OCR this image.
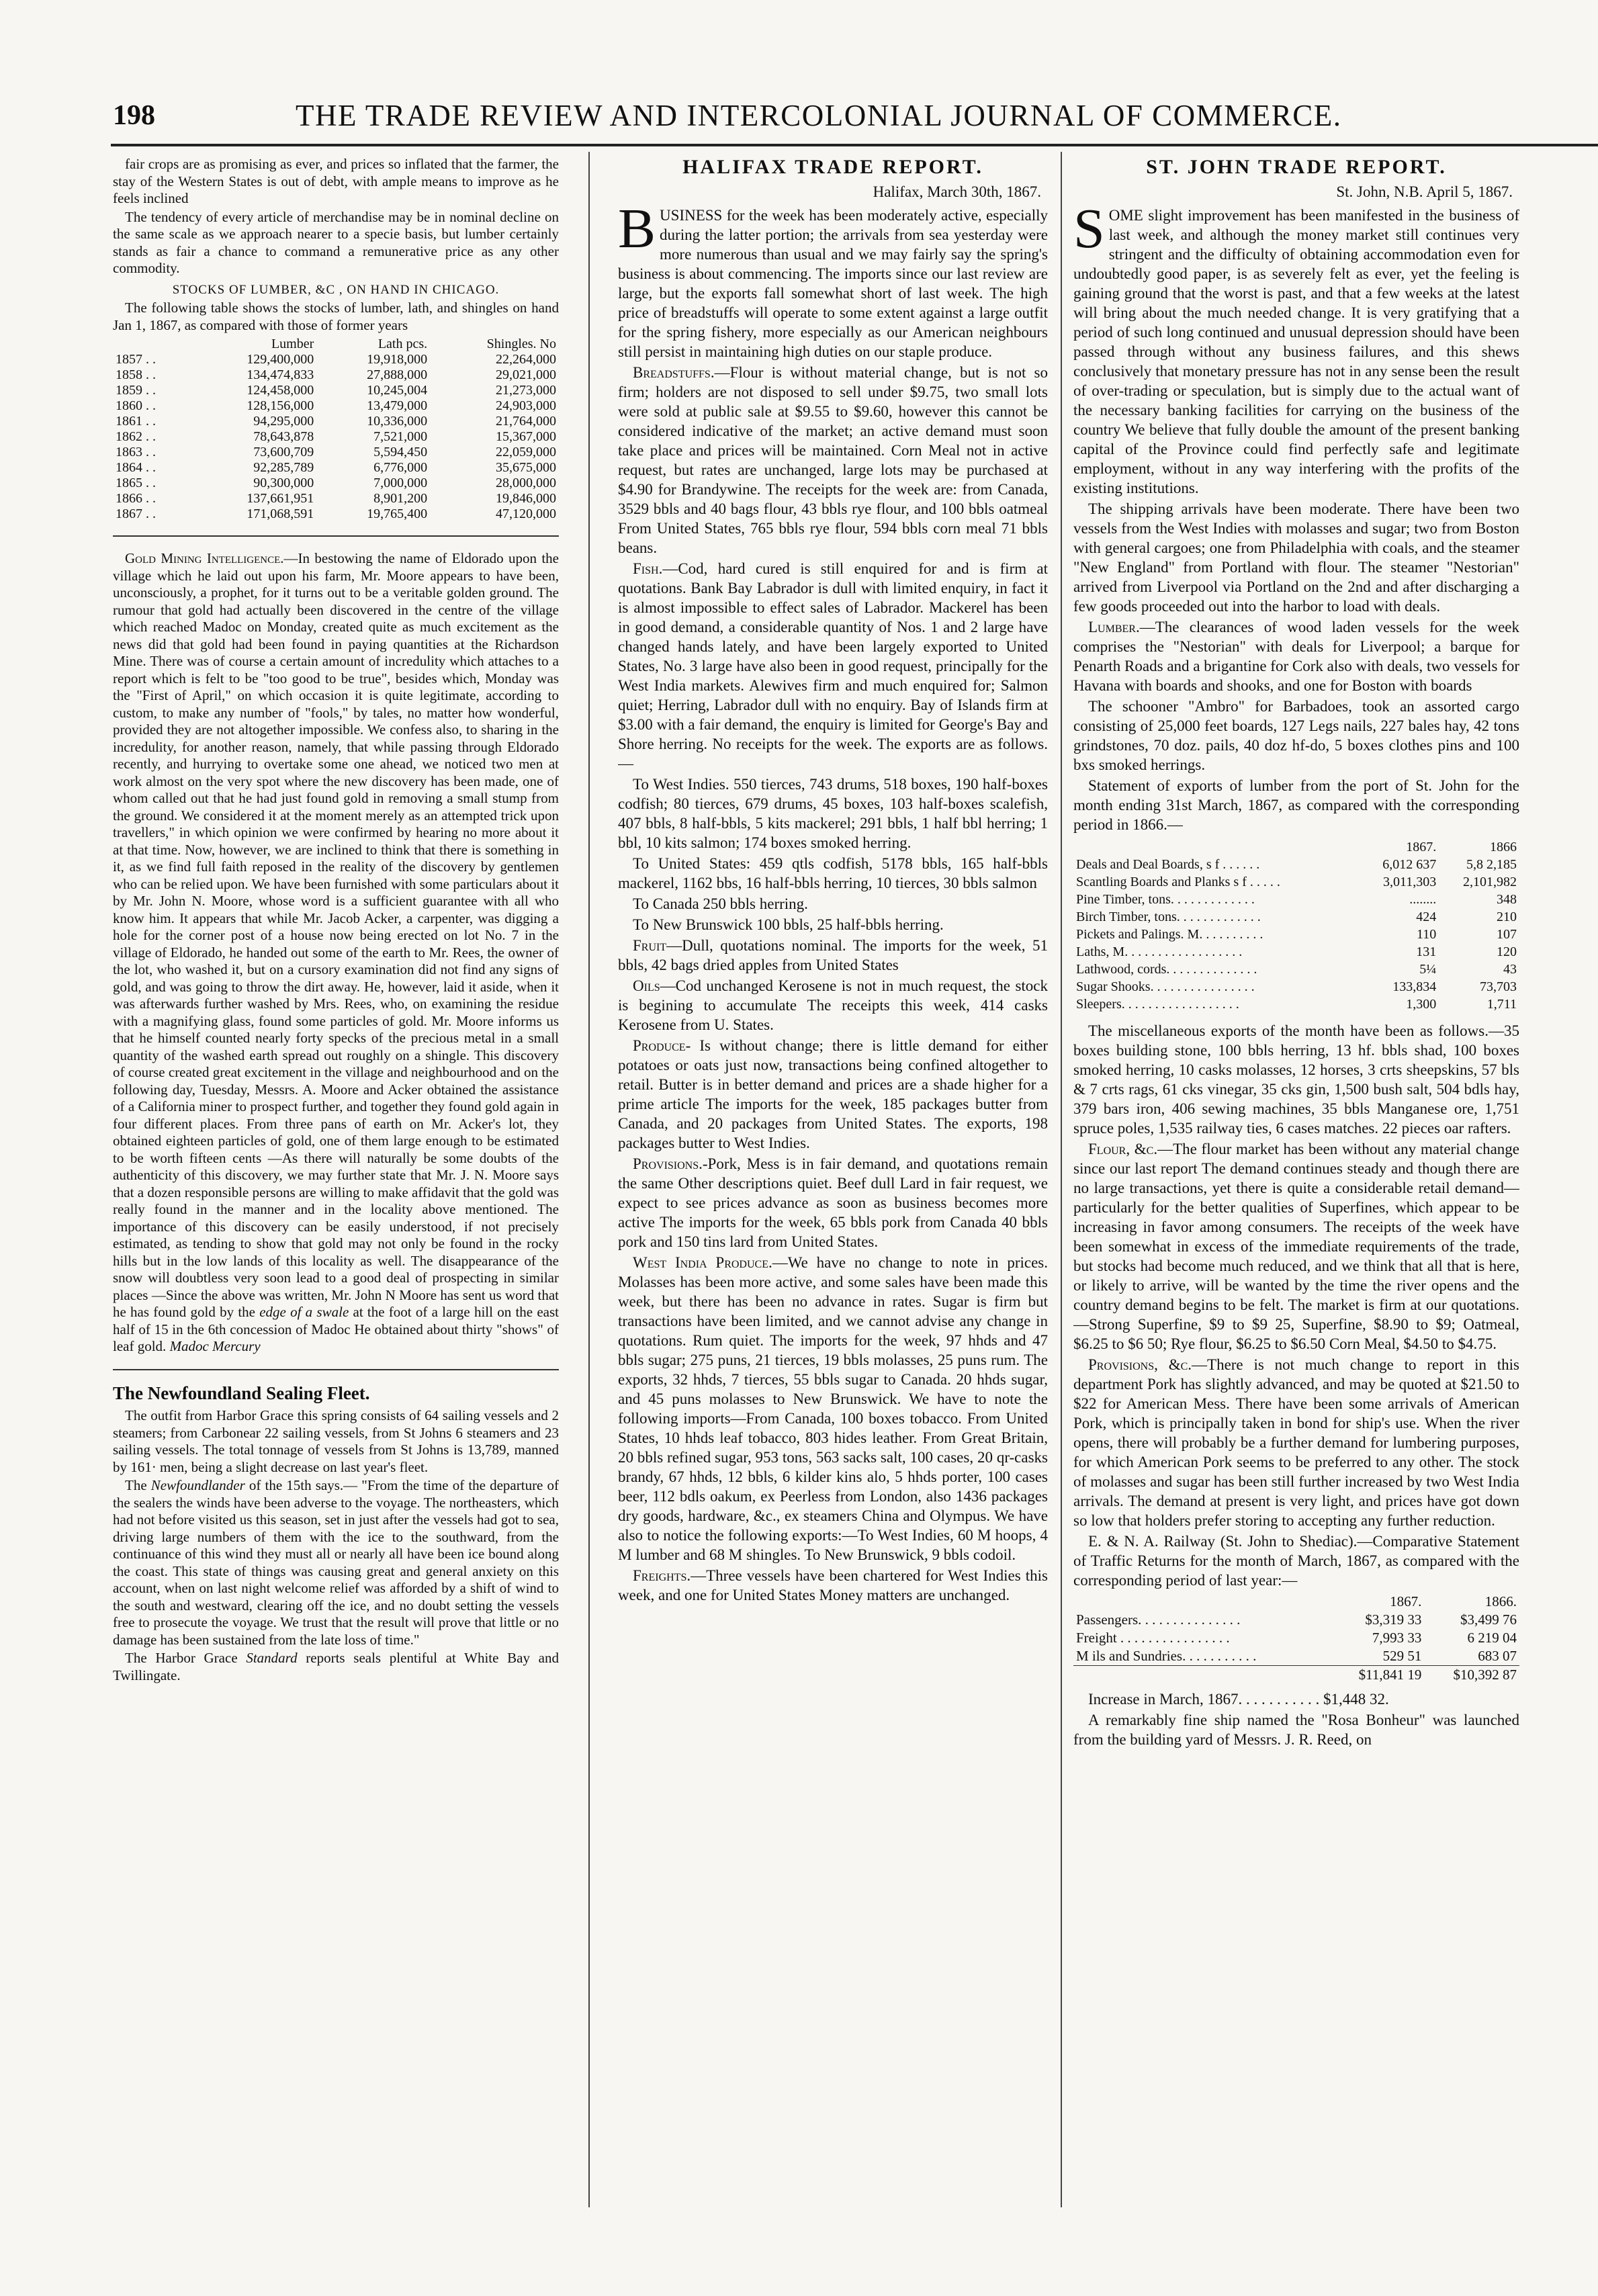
198	THE TRADE REVIEW AND INTERCOLONIAL JOURNAL OF COMMERCE.

fair crops are as promising as ever, and prices so inflated that the farmer, the stay of the Western States is out of debt, with ample means to improve as he feels inclined

The tendency of every article of merchandise may be in nominal decline on the same scale as we approach nearer to a specie basis, but lumber certainly stands as fair a chance to command a remunerative price as any other commodity.

STOCKS OF LUMBER, &C , ON HAND IN CHICAGO.

The following table shows the stocks of lumber, lath, and shingles on hand Jan 1, 1867, as compared with those of former years

	Lumber	Lath pcs.	Shingles. No
1857 . .	129,400,000	19,918,000	22,264,000
1858 . .	134,474,833	27,888,000	29,021,000
1859 . .	124,458,000	10,245,004	21,273,000
1860 . .	128,156,000	13,479,000	24,903,000
1861 . .	94,295,000	10,336,000	21,764,000
1862 . .	78,643,878	7,521,000	15,367,000
1863 . .	73,600,709	5,594,450	22,059,000
1864 . .	92,285,789	6,776,000	35,675,000
1865 . .	90,300,000	7,000,000	28,000,000
1866 . .	137,661,951	8,901,200	19,846,000
1867 . .	171,068,591	19,765,400	47,120,000

Gold Mining Intelligence.—In bestowing the name of Eldorado upon the village which he laid out upon his farm, Mr. Moore appears to have been, unconsciously, a prophet, for it turns out to be a veritable golden ground. The rumour that gold had actually been discovered in the centre of the village which reached Madoc on Monday, created quite as much excitement as the news did that gold had been found in paying quantities at the Richardson Mine. There was of course a certain amount of incredulity which attaches to a report which is felt to be "too good to be true", besides which, Monday was the "First of April," on which occasion it is quite legitimate, according to custom, to make any number of "fools," by tales, no matter how wonderful, provided they are not altogether impossible. We confess also, to sharing in the incredulity, for another reason, namely, that while passing through Eldorado recently, and hurrying to overtake some one ahead, we noticed two men at work almost on the very spot where the new discovery has been made, one of whom called out that he had just found gold in removing a small stump from the ground. We considered it at the moment merely as an attempted trick upon travellers," in which opinion we were confirmed by hearing no more about it at that time. Now, however, we are inclined to think that there is something in it, as we find full faith reposed in the reality of the discovery by gentlemen who can be relied upon. We have been furnished with some particulars about it by Mr. John N. Moore, whose word is a sufficient guarantee with all who know him. It appears that while Mr. Jacob Acker, a carpenter, was digging a hole for the corner post of a house now being erected on lot No. 7 in the village of Eldorado, he handed out some of the earth to Mr. Rees, the owner of the lot, who washed it, but on a cursory examination did not find any signs of gold, and was going to throw the dirt away. He, however, laid it aside, when it was afterwards further washed by Mrs. Rees, who, on examining the residue with a magnifying glass, found some particles of gold. Mr. Moore informs us that he himself counted nearly forty specks of the precious metal in a small quantity of the washed earth spread out roughly on a shingle. This discovery of course created great excitement in the village and neighbourhood and on the following day, Tuesday, Messrs. A. Moore and Acker obtained the assistance of a California miner to prospect further, and together they found gold again in four different places. From three pans of earth on Mr. Acker's lot, they obtained eighteen particles of gold, one of them large enough to be estimated to be worth fifteen cents —As there will naturally be some doubts of the authenticity of this discovery, we may further state that Mr. J. N. Moore says that a dozen responsible persons are willing to make affidavit that the gold was really found in the manner and in the locality above mentioned. The importance of this discovery can be easily understood, if not precisely estimated, as tending to show that gold may not only be found in the rocky hills but in the low lands of this locality as well. The disappearance of the snow will doubtless very soon lead to a good deal of prospecting in similar places —Since the above was written, Mr. John N Moore has sent us word that he has found gold by the edge of a swale at the foot of a large hill on the east half of 15 in the 6th concession of Madoc He obtained about thirty "shows" of leaf gold. Madoc Mercury

The Newfoundland Sealing Fleet.

The outfit from Harbor Grace this spring consists of 64 sailing vessels and 2 steamers; from Carbonear 22 sailing vessels, from St Johns 6 steamers and 23 sailing vessels. The total tonnage of vessels from St Johns is 13,789, manned by 161· men, being a slight decrease on last year's fleet.

The Newfoundlander of the 15th says.— "From the time of the departure of the sealers the winds have been adverse to the voyage. The northeasters, which had not before visited us this season, set in just after the vessels had got to sea, driving large numbers of them with the ice to the southward, from the continuance of this wind they must all or nearly all have been ice bound along the coast. This state of things was causing great and general anxiety on this account, when on last night welcome relief was afforded by a shift of wind to the south and westward, clearing off the ice, and no doubt setting the vessels free to prosecute the voyage. We trust that the result will prove that little or no damage has been sustained from the late loss of time."

The Harbor Grace Standard reports seals plentiful at White Bay and Twillingate.

HALIFAX TRADE REPORT.
Halifax, March 30th, 1867.

BUSINESS for the week has been moderately active, especially during the latter portion; the arrivals from sea yesterday were more numerous than usual and we may fairly say the spring's business is about commencing. The imports since our last review are large, but the exports fall somewhat short of last week. The high price of breadstuffs will operate to some extent against a large outfit for the spring fishery, more especially as our American neighbours still persist in maintaining high duties on our staple produce.

Breadstuffs.—Flour is without material change, but is not so firm; holders are not disposed to sell under $9.75, two small lots were sold at public sale at $9.55 to $9.60, however this cannot be considered indicative of the market; an active demand must soon take place and prices will be maintained. Corn Meal not in active request, but rates are unchanged, large lots may be purchased at $4.90 for Brandywine. The receipts for the week are: from Canada, 3529 bbls and 40 bags flour, 43 bbls rye flour, and 100 bbls oatmeal From United States, 765 bbls rye flour, 594 bbls corn meal 71 bbls beans.

Fish.—Cod, hard cured is still enquired for and is firm at quotations. Bank Bay Labrador is dull with limited enquiry, in fact it is almost impossible to effect sales of Labrador. Mackerel has been in good demand, a considerable quantity of Nos. 1 and 2 large have changed hands lately, and have been largely exported to United States, No. 3 large have also been in good request, principally for the West India markets. Alewives firm and much enquired for; Salmon quiet; Herring, Labrador dull with no enquiry. Bay of Islands firm at $3.00 with a fair demand, the enquiry is limited for George's Bay and Shore herring. No receipts for the week. The exports are as follows.—

To West Indies. 550 tierces, 743 drums, 518 boxes, 190 half-boxes codfish; 80 tierces, 679 drums, 45 boxes, 103 half-boxes scalefish, 407 bbls, 8 half-bbls, 5 kits mackerel; 291 bbls, 1 half bbl herring; 1 bbl, 10 kits salmon; 174 boxes smoked herring.

To United States: 459 qtls codfish, 5178 bbls, 165 half-bbls mackerel, 1162 bbs, 16 half-bbls herring, 10 tierces, 30 bbls salmon

To Canada 250 bbls herring.

To New Brunswick 100 bbls, 25 half-bbls herring.

Fruit—Dull, quotations nominal. The imports for the week, 51 bbls, 42 bags dried apples from United States

Oils—Cod unchanged Kerosene is not in much request, the stock is begining to accumulate The receipts this week, 414 casks Kerosene from U. States.

Produce- Is without change; there is little demand for either potatoes or oats just now, transactions being confined altogether to retail. Butter is in better demand and prices are a shade higher for a prime article The imports for the week, 185 packages butter from Canada, and 20 packages from United States. The exports, 198 packages butter to West Indies.

Provisions.-Pork, Mess is in fair demand, and quotations remain the same Other descriptions quiet. Beef dull Lard in fair request, we expect to see prices advance as soon as business becomes more active The imports for the week, 65 bbls pork from Canada 40 bbls pork and 150 tins lard from United States.

West India Produce.—We have no change to note in prices. Molasses has been more active, and some sales have been made this week, but there has been no advance in rates. Sugar is firm but transactions have been limited, and we cannot advise any change in quotations. Rum quiet. The imports for the week, 97 hhds and 47 bbls sugar; 275 puns, 21 tierces, 19 bbls molasses, 25 puns rum. The exports, 32 hhds, 7 tierces, 55 bbls sugar to Canada. 20 hhds sugar, and 45 puns molasses to New Brunswick. We have to note the following imports—From Canada, 100 boxes tobacco. From United States, 10 hhds leaf tobacco, 803 hides leather. From Great Britain, 20 bbls refined sugar, 953 tons, 563 sacks salt, 100 cases, 20 qr-casks brandy, 67 hhds, 12 bbls, 6 kilder kins alo, 5 hhds porter, 100 cases beer, 112 bdls oakum, ex Peerless from London, also 1436 packages dry goods, hardware, &c., ex steamers China and Olympus. We have also to notice the following exports:—To West Indies, 60 M hoops, 4 M lumber and 68 M shingles. To New Brunswick, 9 bbls codoil.

Freights.—Three vessels have been chartered for West Indies this week, and one for United States Money matters are unchanged.

ST. JOHN TRADE REPORT.
St. John, N.B. April 5, 1867.

SOME slight improvement has been manifested in the business of last week, and although the money market still continues very stringent and the difficulty of obtaining accommodation even for undoubtedly good paper, is as severely felt as ever, yet the feeling is gaining ground that the worst is past, and that a few weeks at the latest will bring about the much needed change. It is very gratifying that a period of such long continued and unusual depression should have been passed through without any business failures, and this shews conclusively that monetary pressure has not in any sense been the result of over-trading or speculation, but is simply due to the actual want of the necessary banking facilities for carrying on the business of the country We believe that fully double the amount of the present banking capital of the Province could find perfectly safe and legitimate employment, without in any way interfering with the profits of the existing institutions.

The shipping arrivals have been moderate. There have been two vessels from the West Indies with molasses and sugar; two from Boston with general cargoes; one from Philadelphia with coals, and the steamer "New England" from Portland with flour. The steamer "Nestorian" arrived from Liverpool via Portland on the 2nd and after discharging a few goods proceeded out into the harbor to load with deals.

Lumber.—The clearances of wood laden vessels for the week comprises the "Nestorian" with deals for Liverpool; a barque for Penarth Roads and a brigantine for Cork also with deals, two vessels for Havana with boards and shooks, and one for Boston with boards

The schooner "Ambro" for Barbadoes, took an assorted cargo consisting of 25,000 feet boards, 127 Legs nails, 227 bales hay, 42 tons grindstones, 70 doz. pails, 40 doz hf-do, 5 boxes clothes pins and 100 bxs smoked herrings.

Statement of exports of lumber from the port of St. John for the month ending 31st March, 1867, as compared with the corresponding period in 1866.—

	1867.	1866
Deals and Deal Boards, s f . . . . . .	6,012 637	5,8 2,185
Scantling Boards and Planks s f . . . . .	3,011,303	2,101,982
Pine Timber, tons. . . . . . . . . . . . .	........	348
Birch Timber, tons. . . . . . . . . . . . .	424	210
Pickets and Palings. M. . . . . . . . . .	110	107
Laths, M. . . . . . . . . . . . . . . . . .	131	120
Lathwood, cords. . . . . . . . . . . . . .	5¼	43
Sugar Shooks. . . . . . . . . . . . . . . .	133,834	73,703
Sleepers. . . . . . . . . . . . . . . . . .	1,300	1,711

The miscellaneous exports of the month have been as follows.—35 boxes building stone, 100 bbls herring, 13 hf. bbls shad, 100 boxes smoked herring, 10 casks molasses, 12 horses, 3 crts sheepskins, 57 bls & 7 crts rags, 61 cks vinegar, 35 cks gin, 1,500 bush salt, 504 bdls hay, 379 bars iron, 406 sewing machines, 35 bbls Manganese ore, 1,751 spruce poles, 1,535 railway ties, 6 cases matches. 22 pieces oar rafters.

Flour, &c.—The flour market has been without any material change since our last report The demand continues steady and though there are no large transactions, yet there is quite a considerable retail demand—particularly for the better qualities of Superfines, which appear to be increasing in favor among consumers. The receipts of the week have been somewhat in excess of the immediate requirements of the trade, but stocks had become much reduced, and we think that all that is here, or likely to arrive, will be wanted by the time the river opens and the country demand begins to be felt. The market is firm at our quotations.—Strong Superfine, $9 to $9 25, Superfine, $8.90 to $9; Oatmeal, $6.25 to $6 50; Rye flour, $6.25 to $6.50 Corn Meal, $4.50 to $4.75.

Provisions, &c.—There is not much change to report in this department Pork has slightly advanced, and may be quoted at $21.50 to $22 for American Mess. There have been some arrivals of American Pork, which is principally taken in bond for ship's use. When the river opens, there will probably be a further demand for lumbering purposes, for which American Pork seems to be preferred to any other. The stock of molasses and sugar has been still further increased by two West India arrivals. The demand at present is very light, and prices have got down so low that holders prefer storing to accepting any further reduction.

E. & N. A. Railway (St. John to Shediac).—Comparative Statement of Traffic Returns for the month of March, 1867, as compared with the corresponding period of last year:—

	1867.	1866.
Passengers. . . . . . . . . . . . . . .	$3,319 33	$3,499 76
Freight . . . . . . . . . . . . . . . .	7,993 33	6 219 04
M ils and Sundries. . . . . . . . . . .	529 51	683 07
	$11,841 19	$10,392 87

Increase in March, 1867. . . . . . . . . . . $1,448 32.

A remarkably fine ship named the "Rosa Bonheur" was launched from the building yard of Messrs. J. R. Reed, on
